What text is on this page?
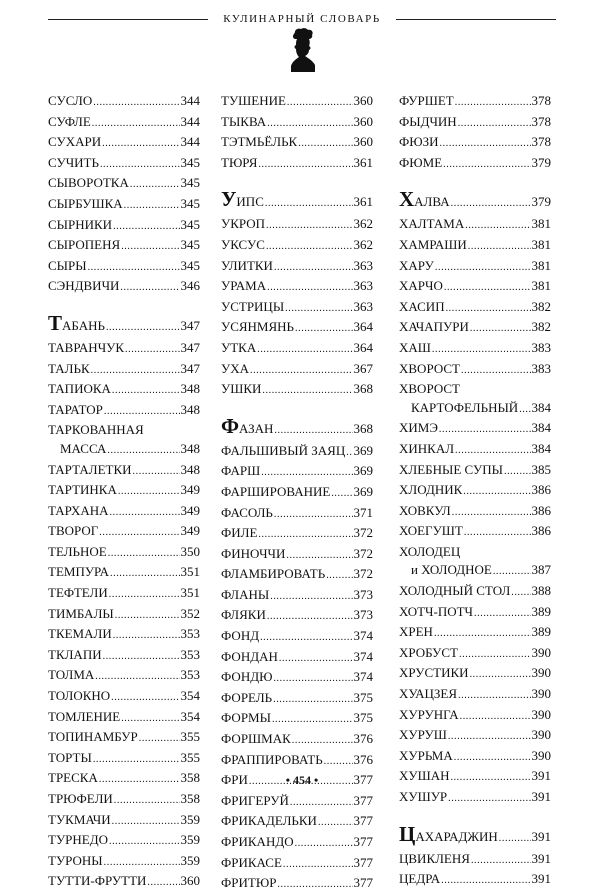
КУЛИНАРНЫЙ СЛОВАРЬ
СУСЛО .....	344
СУФЛЕ .....	344
СУХАРИ .....	344
СУЧИТЬ .....	345
СЫВОРОТКА .....	345
СЫРБУШКА .....	345
СЫРНИКИ .....	345
СЫРОПЕНЯ .....	345
СЫРЫ .....	345
СЭНДВИЧИ .....	346
ТАБАНЬ .....	347
ТАВРАНЧУК .....	347
ТАЛЬК .....	347
ТАПИОКА .....	348
ТАРАТОР .....	348
ТАРКОВАННАЯ
МАССА .....	348
ТАРТАЛЕТКИ .....	348
ТАРТИНКА .....	349
ТАРХАНА .....	349
ТВОРОГ .....	349
ТЕЛЬНОЕ .....	350
ТЕМПУРА .....	351
ТЕФТЕЛИ .....	351
ТИМБАЛЫ .....	352
ТКЕМАЛИ .....	353
ТКЛАПИ .....	353
ТОЛМА .....	353
ТОЛОКНО .....	354
ТОМЛЕНИЕ .....	354
ТОПИНАМБУР .....	355
ТОРТЫ .....	355
ТРЕСКА .....	358
ТРЮФЕЛИ .....	358
ТУКМАЧИ .....	359
ТУРНЕДО .....	359
ТУРОНЫ .....	359
ТУТТИ-ФРУТТИ .....	360
ТУШЕНИЕ .....	360
ТЫКВА .....	360
ТЭТМЬЁЛЬК .....	360
ТЮРЯ .....	361
УИПС .....	361
УКРОП .....	362
УКСУС .....	362
УЛИТКИ .....	363
УРАМА .....	363
УСТРИЦЫ .....	363
УСЯНМЯНЬ .....	364
УТКА .....	364
УХА .....	367
УШКИ .....	368
ФАЗАН .....	368
ФАЛЬШИВЫЙ ЗАЯЦ ..... 369
ФАРШ .....	369
ФАРШИРОВАНИЕ ..... 369
ФАСОЛЬ .....	371
ФИЛЕ .....	372
ФИНОЧЧИ .....	372
ФЛАМБИРОВАТЬ ..... 372
ФЛАНЫ .....	373
ФЛЯКИ .....	373
ФОНД .....	374
ФОНДАН .....	374
ФОНДЮ .....	374
ФОРЕЛЬ .....	375
ФОРМЫ .....	375
ФОРШМАК .....	376
ФРАППИРОВАТЬ ..... 376
ФРИ .....	377
ФРИГЕРУЙ .....	377
ФРИКАДЕЛЬКИ .....	377
ФРИКАНДО .....	377
ФРИКАСЕ .....	377
ФРИТЮР .....	377
ФУРШЕТ .....	378
ФЫДЧИН .....	378
ФЮЗИ .....	378
ФЮМЕ .....	379
ХАЛВА .....	379
ХАЛТАМА .....	381
ХАМРАШИ .....	381
ХАРУ .....	381
ХАРЧО .....	381
ХАСИП .....	382
ХАЧАПУРИ .....	382
ХАШ .....	383
ХВОРОСТ .....	383
ХВОРОСТ
КАРТОФЕЛЬНЫЙ ..... 384
ХИМЭ .....	384
ХИНКАЛ .....	384
ХЛЕБНЫЕ СУПЫ ..... 385
ХЛОДНИК .....	386
ХОВКУЛ .....	386
ХОЕГУШТ .....	386
ХОЛОДЕЦ
и ХОЛОДНОЕ .....	387
ХОЛОДНЫЙ СТОЛ ..... 388
ХОТЧ-ПОТЧ .....	389
ХРЕН .....	389
ХРОБУСТ .....	390
ХРУСТИКИ .....	390
ХУАЦЗЕЯ .....	390
ХУРУНГА .....	390
ХУРУШ .....	390
ХУРЬМА .....	390
ХУШАН .....	391
ХУШУР .....	391
ЦАХАРАДЖИН .....	391
ЦВИКЛЕНЯ .....	391
ЦЕДРА .....	391
• 454 •
